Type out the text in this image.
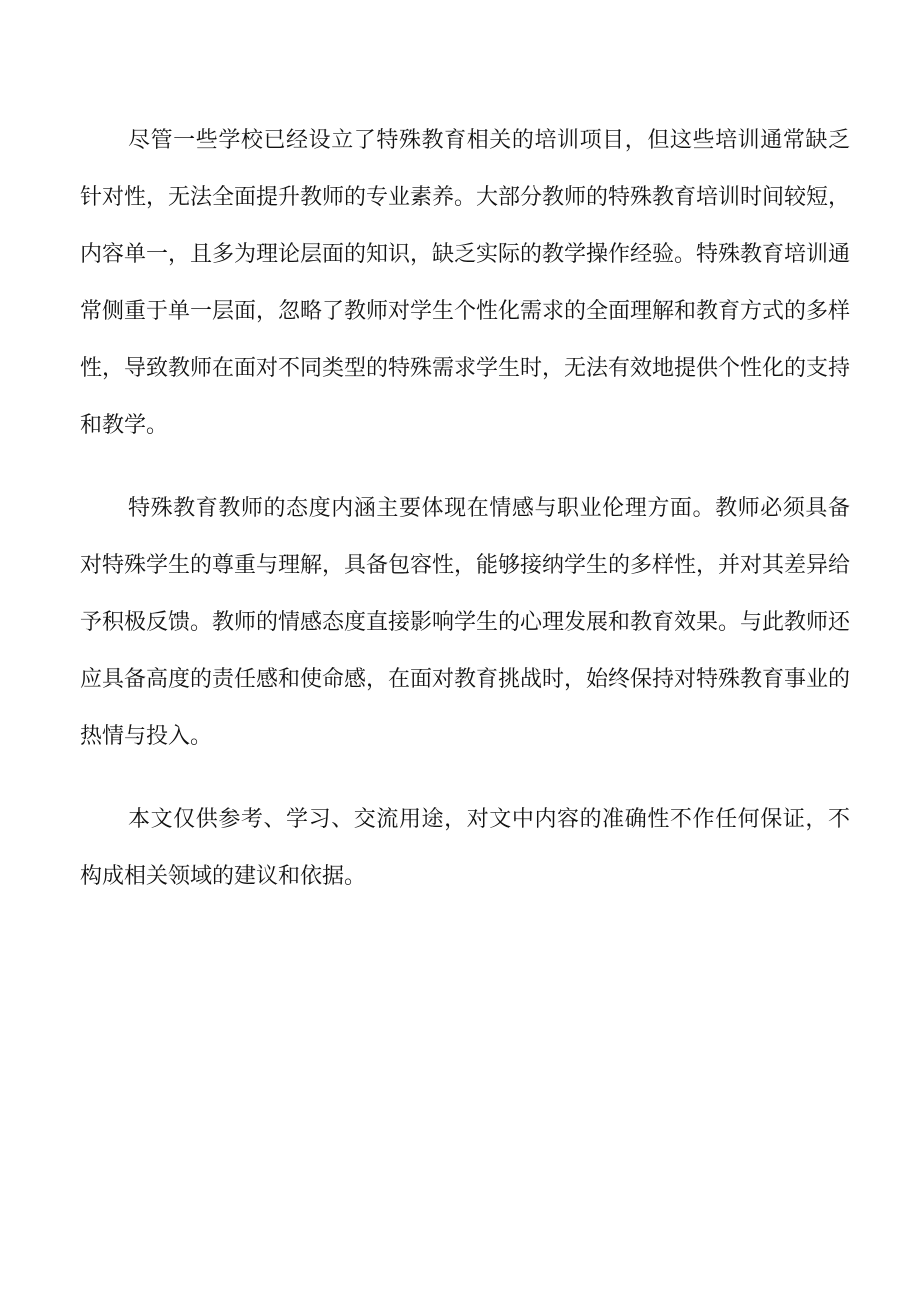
尽管一些学校已经设立了特殊教育相关的培训项目，但这些培训通常缺乏针对性，无法全面提升教师的专业素养。大部分教师的特殊教育培训时间较短，内容单一，且多为理论层面的知识，缺乏实际的教学操作经验。特殊教育培训通常侧重于单一层面，忽略了教师对学生个性化需求的全面理解和教育方式的多样性，导致教师在面对不同类型的特殊需求学生时，无法有效地提供个性化的支持和教学。

特殊教育教师的态度内涵主要体现在情感与职业伦理方面。教师必须具备对特殊学生的尊重与理解，具备包容性，能够接纳学生的多样性，并对其差异给予积极反馈。教师的情感态度直接影响学生的心理发展和教育效果。与此教师还应具备高度的责任感和使命感，在面对教育挑战时，始终保持对特殊教育事业的热情与投入。

本文仅供参考、学习、交流用途，对文中内容的准确性不作任何保证，不构成相关领域的建议和依据。
